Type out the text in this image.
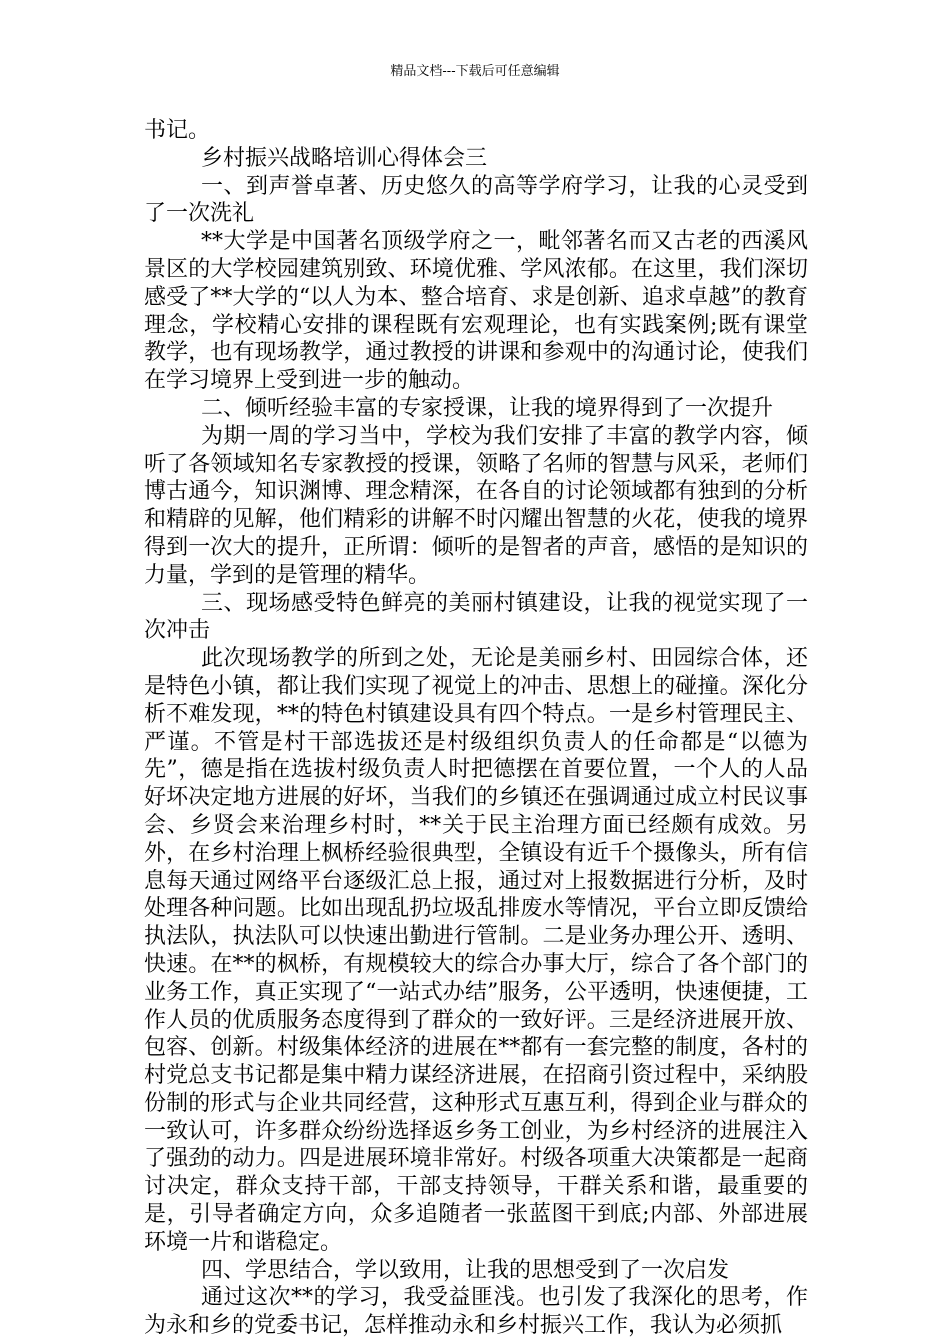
精品文档---下载后可任意编辑

书记。

乡村振兴战略培训心得体会三

一、到声誉卓著、历史悠久的高等学府学习，让我的心灵受到了一次洗礼

**大学是中国著名顶级学府之一，毗邻著名而又古老的西溪风景区的大学校园建筑别致、环境优雅、学风浓郁。在这里，我们深切感受了**大学的“以人为本、整合培育、求是创新、追求卓越”的教育理念，学校精心安排的课程既有宏观理论，也有实践案例;既有课堂教学，也有现场教学，通过教授的讲课和参观中的沟通讨论，使我们在学习境界上受到进一步的触动。

二、倾听经验丰富的专家授课，让我的境界得到了一次提升

为期一周的学习当中，学校为我们安排了丰富的教学内容，倾听了各领域知名专家教授的授课，领略了名师的智慧与风采，老师们博古通今，知识渊博、理念精深，在各自的讨论领域都有独到的分析和精辟的见解，他们精彩的讲解不时闪耀出智慧的火花，使我的境界得到一次大的提升，正所谓：倾听的是智者的声音，感悟的是知识的力量，学到的是管理的精华。

三、现场感受特色鲜亮的美丽村镇建设，让我的视觉实现了一次冲击

此次现场教学的所到之处，无论是美丽乡村、田园综合体，还是特色小镇，都让我们实现了视觉上的冲击、思想上的碰撞。深化分析不难发现，**的特色村镇建设具有四个特点。一是乡村管理民主、严谨。不管是村干部选拔还是村级组织负责人的任命都是“以德为先”，德是指在选拔村级负责人时把德摆在首要位置，一个人的人品好坏决定地方进展的好坏，当我们的乡镇还在强调通过成立村民议事会、乡贤会来治理乡村时，**关于民主治理方面已经颇有成效。另外，在乡村治理上枫桥经验很典型，全镇设有近千个摄像头，所有信息每天通过网络平台逐级汇总上报，通过对上报数据进行分析，及时处理各种问题。比如出现乱扔垃圾乱排废水等情况，平台立即反馈给执法队，执法队可以快速出勤进行管制。二是业务办理公开、透明、快速。在**的枫桥，有规模较大的综合办事大厅，综合了各个部门的业务工作，真正实现了“一站式办结”服务，公平透明，快速便捷，工作人员的优质服务态度得到了群众的一致好评。三是经济进展开放、包容、创新。村级集体经济的进展在**都有一套完整的制度，各村的村党总支书记都是集中精力谋经济进展，在招商引资过程中，采纳股份制的形式与企业共同经营，这种形式互惠互利，得到企业与群众的一致认可，许多群众纷纷选择返乡务工创业，为乡村经济的进展注入了强劲的动力。四是进展环境非常好。村级各项重大决策都是一起商讨决定，群众支持干部，干部支持领导，干群关系和谐，最重要的是，引导者确定方向，众多追随者一张蓝图干到底;内部、外部进展环境一片和谐稳定。

四、学思结合，学以致用，让我的思想受到了一次启发

通过这次**的学习，我受益匪浅。也引发了我深化的思考，作为永和乡的党委书记，怎样推动永和乡村振兴工作，我认为必须抓
